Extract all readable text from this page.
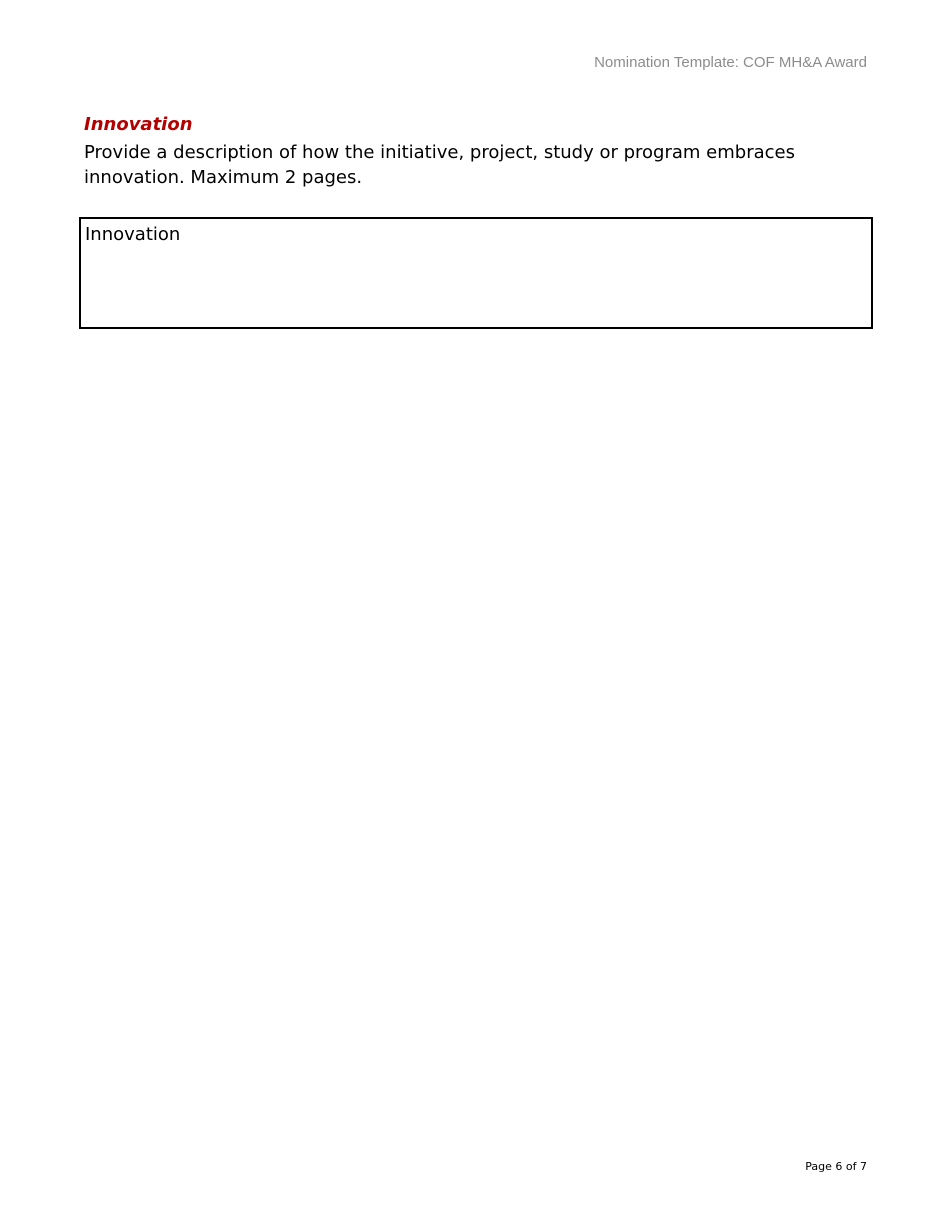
Nomination Template: COF MH&A Award
Innovation

Provide a description of how the initiative, project, study or program embraces innovation. Maximum 2 pages.

Innovation
Page 6 of 7
